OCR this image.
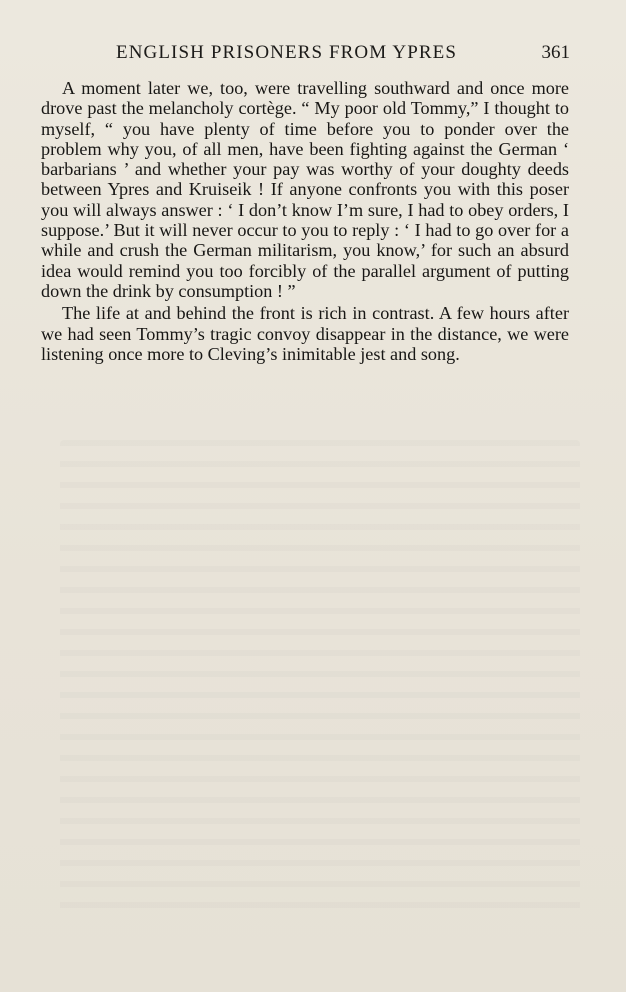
ENGLISH PRISONERS FROM YPRES	361

A moment later we, too, were travelling southward and once more drove past the melancholy cortège. “ My poor old Tommy,” I thought to myself, “ you have plenty of time before you to ponder over the problem why you, of all men, have been fighting against the German ‘ barbarians ’ and whether your pay was worthy of your doughty deeds between Ypres and Kruiseik ! If anyone confronts you with this poser you will always answer : ‘ I don’t know I’m sure, I had to obey orders, I suppose.’ But it will never occur to you to reply : ‘ I had to go over for a while and crush the German militarism, you know,’ for such an absurd idea would remind you too forcibly of the parallel argument of putting down the drink by consumption ! ”

The life at and behind the front is rich in contrast. A few hours after we had seen Tommy’s tragic convoy disappear in the distance, we were listening once more to Cleving’s inimitable jest and song.
